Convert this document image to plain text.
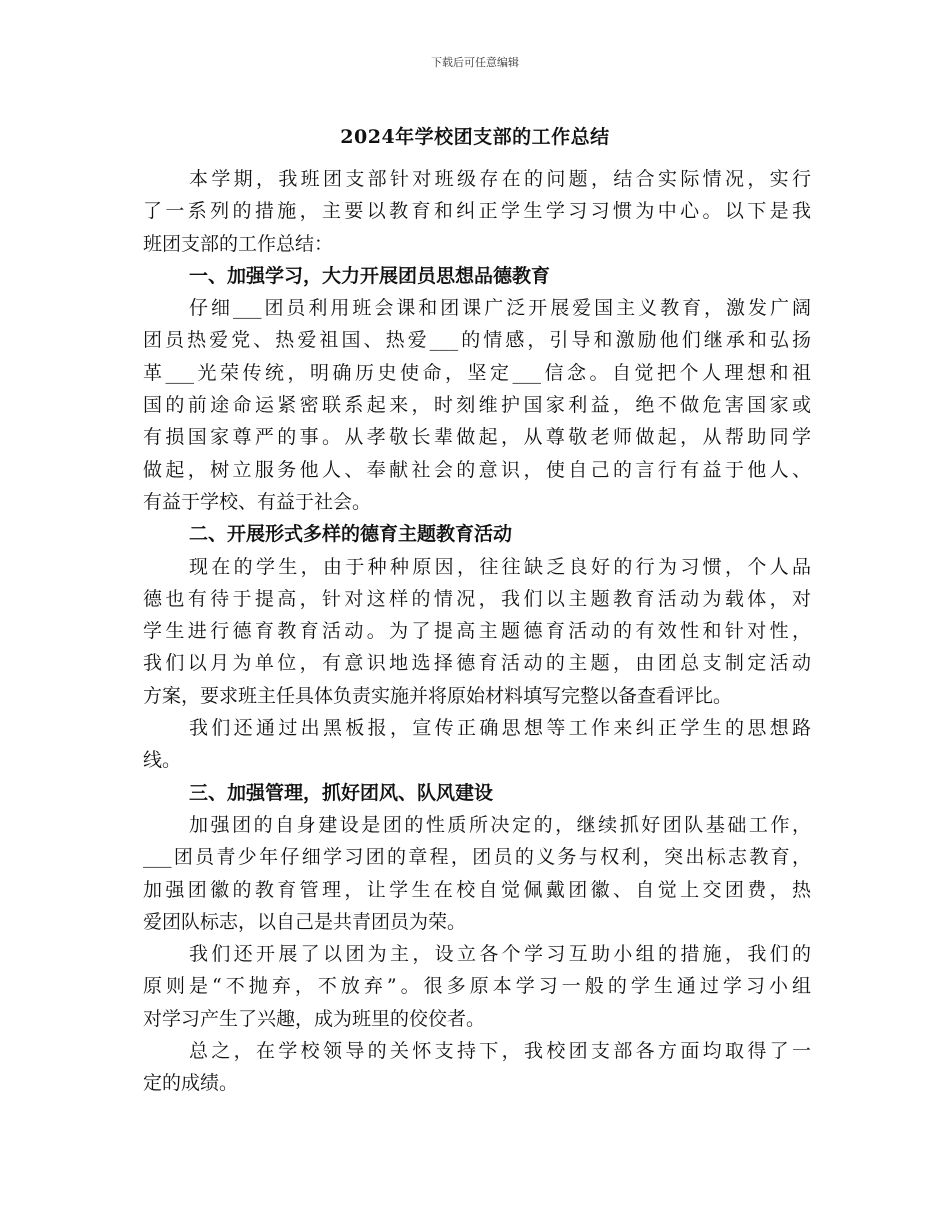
下载后可任意编辑
2024年学校团支部的工作总结
本学期，我班团支部针对班级存在的问题，结合实际情况，实行
了一系列的措施，主要以教育和纠正学生学习习惯为中心。以下是我
班团支部的工作总结：
一、加强学习，大力开展团员思想品德教育
仔细___团员利用班会课和团课广泛开展爱国主义教育，激发广阔
团员热爱党、热爱祖国、热爱___的情感，引导和激励他们继承和弘扬
革___光荣传统，明确历史使命，坚定___信念。自觉把个人理想和祖
国的前途命运紧密联系起来，时刻维护国家利益，绝不做危害国家或
有损国家尊严的事。从孝敬长辈做起，从尊敬老师做起，从帮助同学
做起，树立服务他人、奉献社会的意识，使自己的言行有益于他人、
有益于学校、有益于社会。
二、开展形式多样的德育主题教育活动
现在的学生，由于种种原因，往往缺乏良好的行为习惯，个人品
德也有待于提高，针对这样的情况，我们以主题教育活动为载体，对
学生进行德育教育活动。为了提高主题德育活动的有效性和针对性，
我们以月为单位，有意识地选择德育活动的主题，由团总支制定活动
方案，要求班主任具体负责实施并将原始材料填写完整以备查看评比。
我们还通过出黑板报，宣传正确思想等工作来纠正学生的思想路
线。
三、加强管理，抓好团风、队风建设
加强团的自身建设是团的性质所决定的，继续抓好团队基础工作，
___团员青少年仔细学习团的章程，团员的义务与权利，突出标志教育，
加强团徽的教育管理，让学生在校自觉佩戴团徽、自觉上交团费，热
爱团队标志，以自己是共青团员为荣。
我们还开展了以团为主，设立各个学习互助小组的措施，我们的
原则是“不抛弃，不放弃”。很多原本学习一般的学生通过学习小组
对学习产生了兴趣，成为班里的佼佼者。
总之，在学校领导的关怀支持下，我校团支部各方面均取得了一
定的成绩。
